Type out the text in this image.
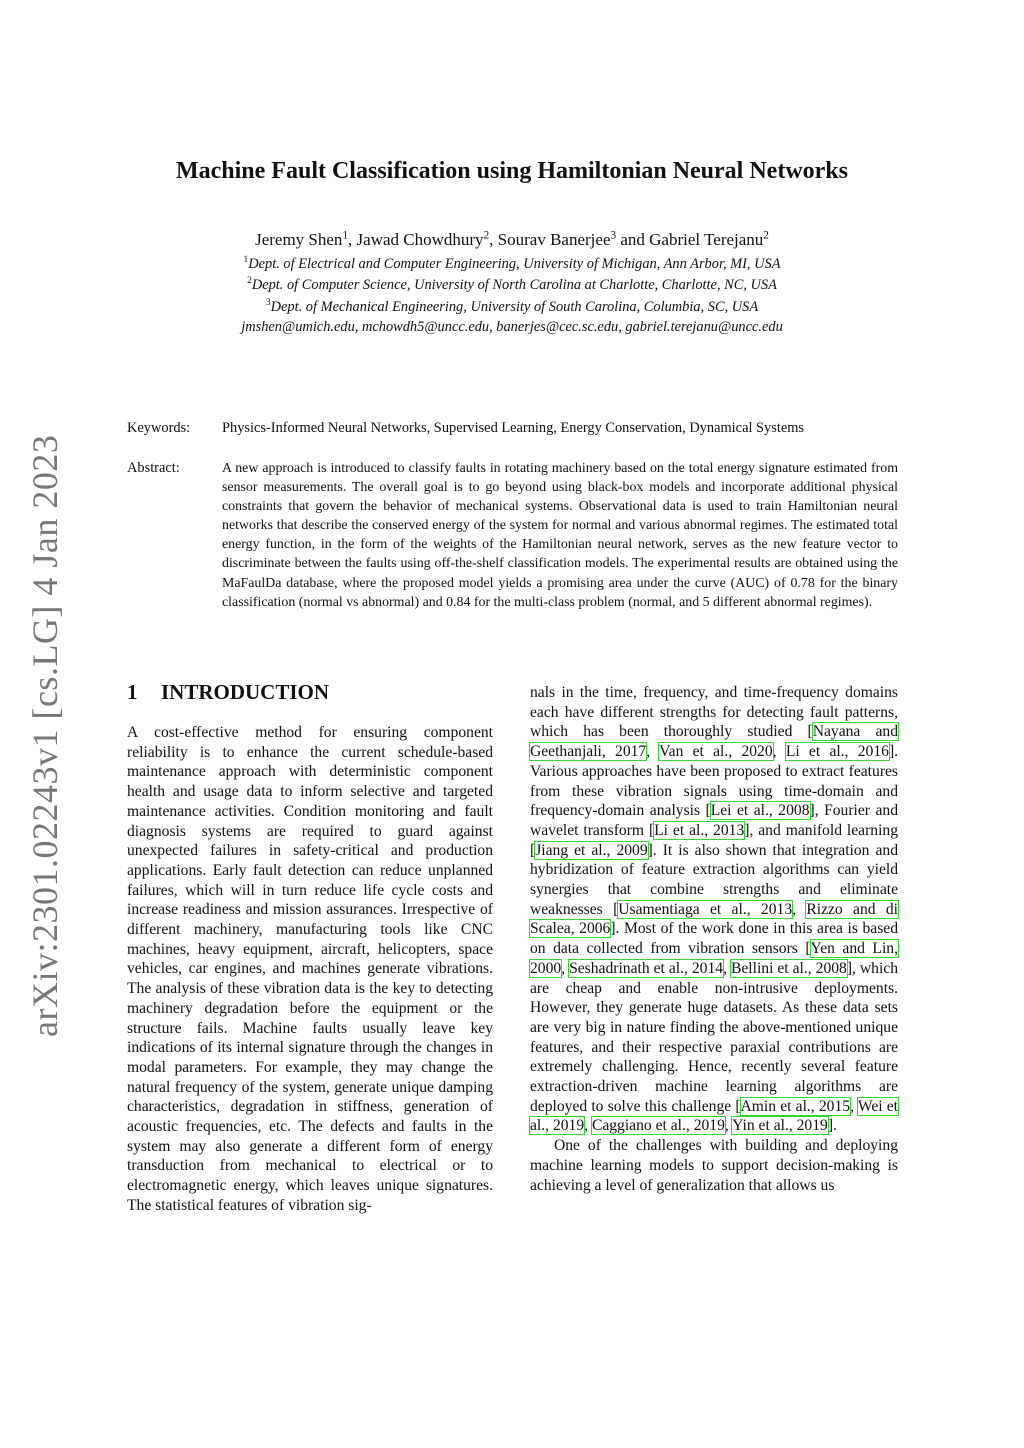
arXiv:2301.02243v1 [cs.LG] 4 Jan 2023
Machine Fault Classification using Hamiltonian Neural Networks
Jeremy Shen$^1$, Jawad Chowdhury$^2$, Sourav Banerjee$^3$ and Gabriel Terejanu$^2$
$^1$Dept. of Electrical and Computer Engineering, University of Michigan, Ann Arbor, MI, USA
$^2$Dept. of Computer Science, University of North Carolina at Charlotte, Charlotte, NC, USA
$^3$Dept. of Mechanical Engineering, University of South Carolina, Columbia, SC, USA
jmshen@umich.edu, mchowdh5@uncc.edu, banerjes@cec.sc.edu, gabriel.terejanu@uncc.edu
Keywords: Physics-Informed Neural Networks, Supervised Learning, Energy Conservation, Dynamical Systems
Abstract:	A new approach is introduced to classify faults in rotating machinery based on the total energy signature estimated from sensor measurements. The overall goal is to go beyond using black-box models and incorporate additional physical constraints that govern the behavior of mechanical systems. Observational data is used to train Hamiltonian neural networks that describe the conserved energy of the system for normal and various abnormal regimes. The estimated total energy function, in the form of the weights of the Hamiltonian neural network, serves as the new feature vector to discriminate between the faults using off-the-shelf classification models. The experimental results are obtained using the MaFaulDa database, where the proposed model yields a promising area under the curve (AUC) of 0.78 for the binary classification (normal vs abnormal) and 0.84 for the multi-class problem (normal, and 5 different abnormal regimes).
1 INTRODUCTION

A cost-effective method for ensuring component reliability is to enhance the current schedule-based maintenance approach with deterministic component health and usage data to inform selective and targeted maintenance activities. Condition monitoring and fault diagnosis systems are required to guard against unexpected failures in safety-critical and production applications. Early fault detection can reduce unplanned failures, which will in turn reduce life cycle costs and increase readiness and mission assurances. Irrespective of different machinery, manufacturing tools like CNC machines, heavy equipment, aircraft, helicopters, space vehicles, car engines, and machines generate vibrations. The analysis of these vibration data is the key to detecting machinery degradation before the equipment or the structure fails. Machine faults usually leave key indications of its internal signature through the changes in modal parameters. For example, they may change the natural frequency of the system, generate unique damping characteristics, degradation in stiffness, generation of acoustic frequencies, etc. The defects and faults in the system may also generate a different form of energy transduction from mechanical to electrical or to electromagnetic energy, which leaves unique signatures. The statistical features of vibration sig-

nals in the time, frequency, and time-frequency domains each have different strengths for detecting fault patterns, which has been thoroughly studied [Nayana and Geethanjali, 2017, Van et al., 2020, Li et al., 2016]. Various approaches have been proposed to extract features from these vibration signals using time-domain and frequency-domain analysis [Lei et al., 2008], Fourier and wavelet transform [Li et al., 2013], and manifold learning [Jiang et al., 2009]. It is also shown that integration and hybridization of feature extraction algorithms can yield synergies that combine strengths and eliminate weaknesses [Usamentiaga et al., 2013, Rizzo and di Scalea, 2006]. Most of the work done in this area is based on data collected from vibration sensors [Yen and Lin, 2000, Seshadrinath et al., 2014, Bellini et al., 2008], which are cheap and enable non-intrusive deployments. However, they generate huge datasets. As these data sets are very big in nature finding the above-mentioned unique features, and their respective paraxial contributions are extremely challenging. Hence, recently several feature extraction-driven machine learning algorithms are deployed to solve this challenge [Amin et al., 2015, Wei et al., 2019, Caggiano et al., 2019, Yin et al., 2019].

One of the challenges with building and deploying machine learning models to support decision-making is achieving a level of generalization that allows us
